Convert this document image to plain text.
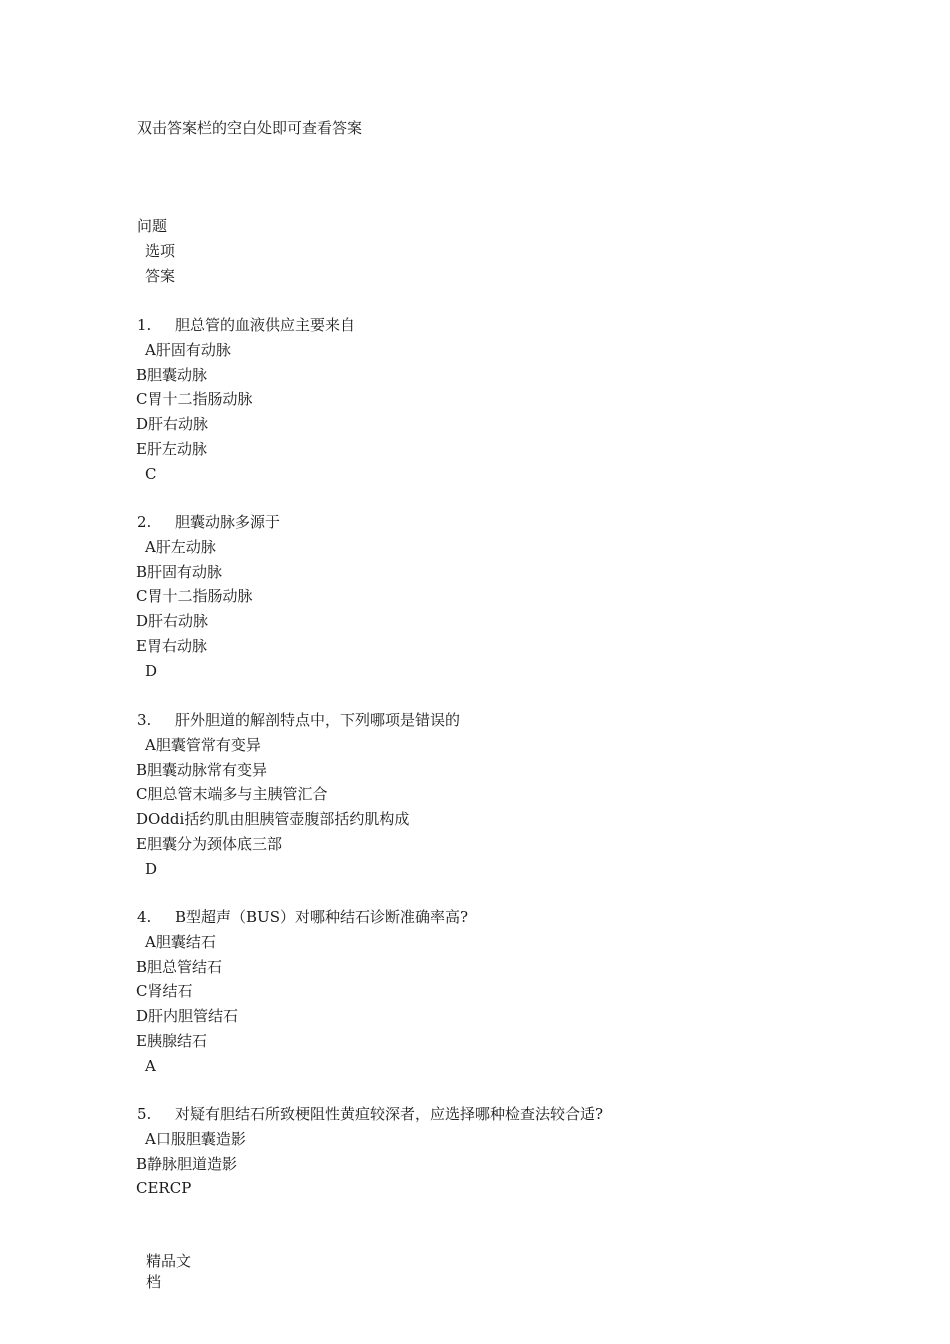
双击答案栏的空白处即可查看答案
问题
选项
答案
1. 胆总管的血液供应主要来自
A肝固有动脉
B胆囊动脉
C胃十二指肠动脉
D肝右动脉
E肝左动脉
C
2. 胆囊动脉多源于
A肝左动脉
B肝固有动脉
C胃十二指肠动脉
D肝右动脉
E胃右动脉
D
3. 肝外胆道的解剖特点中，下列哪项是错误的
A胆囊管常有变异
B胆囊动脉常有变异
C胆总管末端多与主胰管汇合
DOddi括约肌由胆胰管壶腹部括约肌构成
E胆囊分为颈体底三部
D
4. B型超声（BUS）对哪种结石诊断准确率高?
A胆囊结石
B胆总管结石
C肾结石
D肝内胆管结石
E胰腺结石
A
5. 对疑有胆结石所致梗阻性黄疸较深者，应选择哪种检查法较合适?
A口服胆囊造影
B静脉胆道造影
CERCP
精品文
档
